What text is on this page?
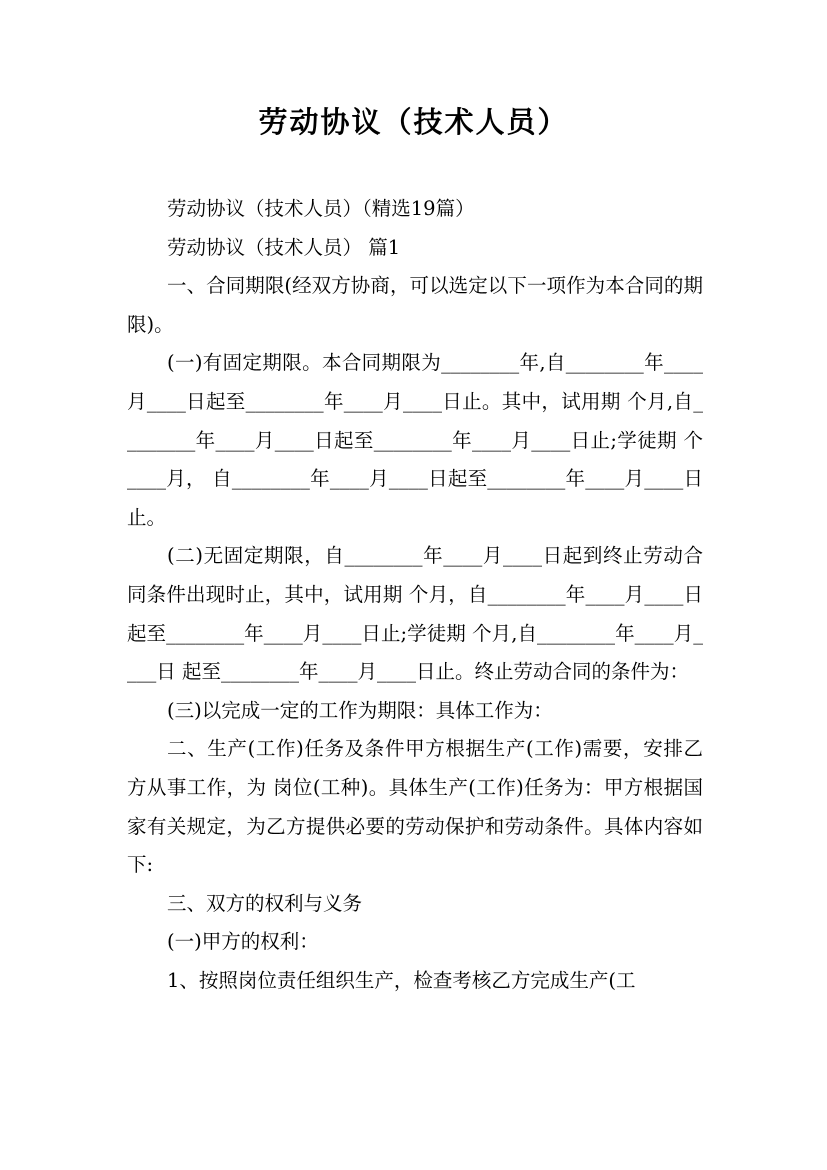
劳动协议（技术人员）

劳动协议（技术人员）（精选19篇）

劳动协议（技术人员） 篇1

一、合同期限(经双方协商，可以选定以下一项作为本合同的期限)。

(一)有固定期限。本合同期限为________年,自________年____月____日起至________年____月____日止。其中，试用期 个月,自________年____月____日起至________年____月____日止;学徒期 个____月， 自________年____月____日起至________年____月____日止。

(二)无固定期限，自________年____月____日起到终止劳动合同条件出现时止，其中，试用期 个月，自________年____月____日起至________年____月____日止;学徒期 个月,自________年____月____日 起至________年____月____日止。终止劳动合同的条件为：

(三)以完成一定的工作为期限：具体工作为：

二、生产(工作)任务及条件甲方根据生产(工作)需要，安排乙方从事工作，为 岗位(工种)。具体生产(工作)任务为：甲方根据国家有关规定，为乙方提供必要的劳动保护和劳动条件。具体内容如下:

三、双方的权利与义务

(一)甲方的权利：

1、按照岗位责任组织生产，检查考核乙方完成生产(工
